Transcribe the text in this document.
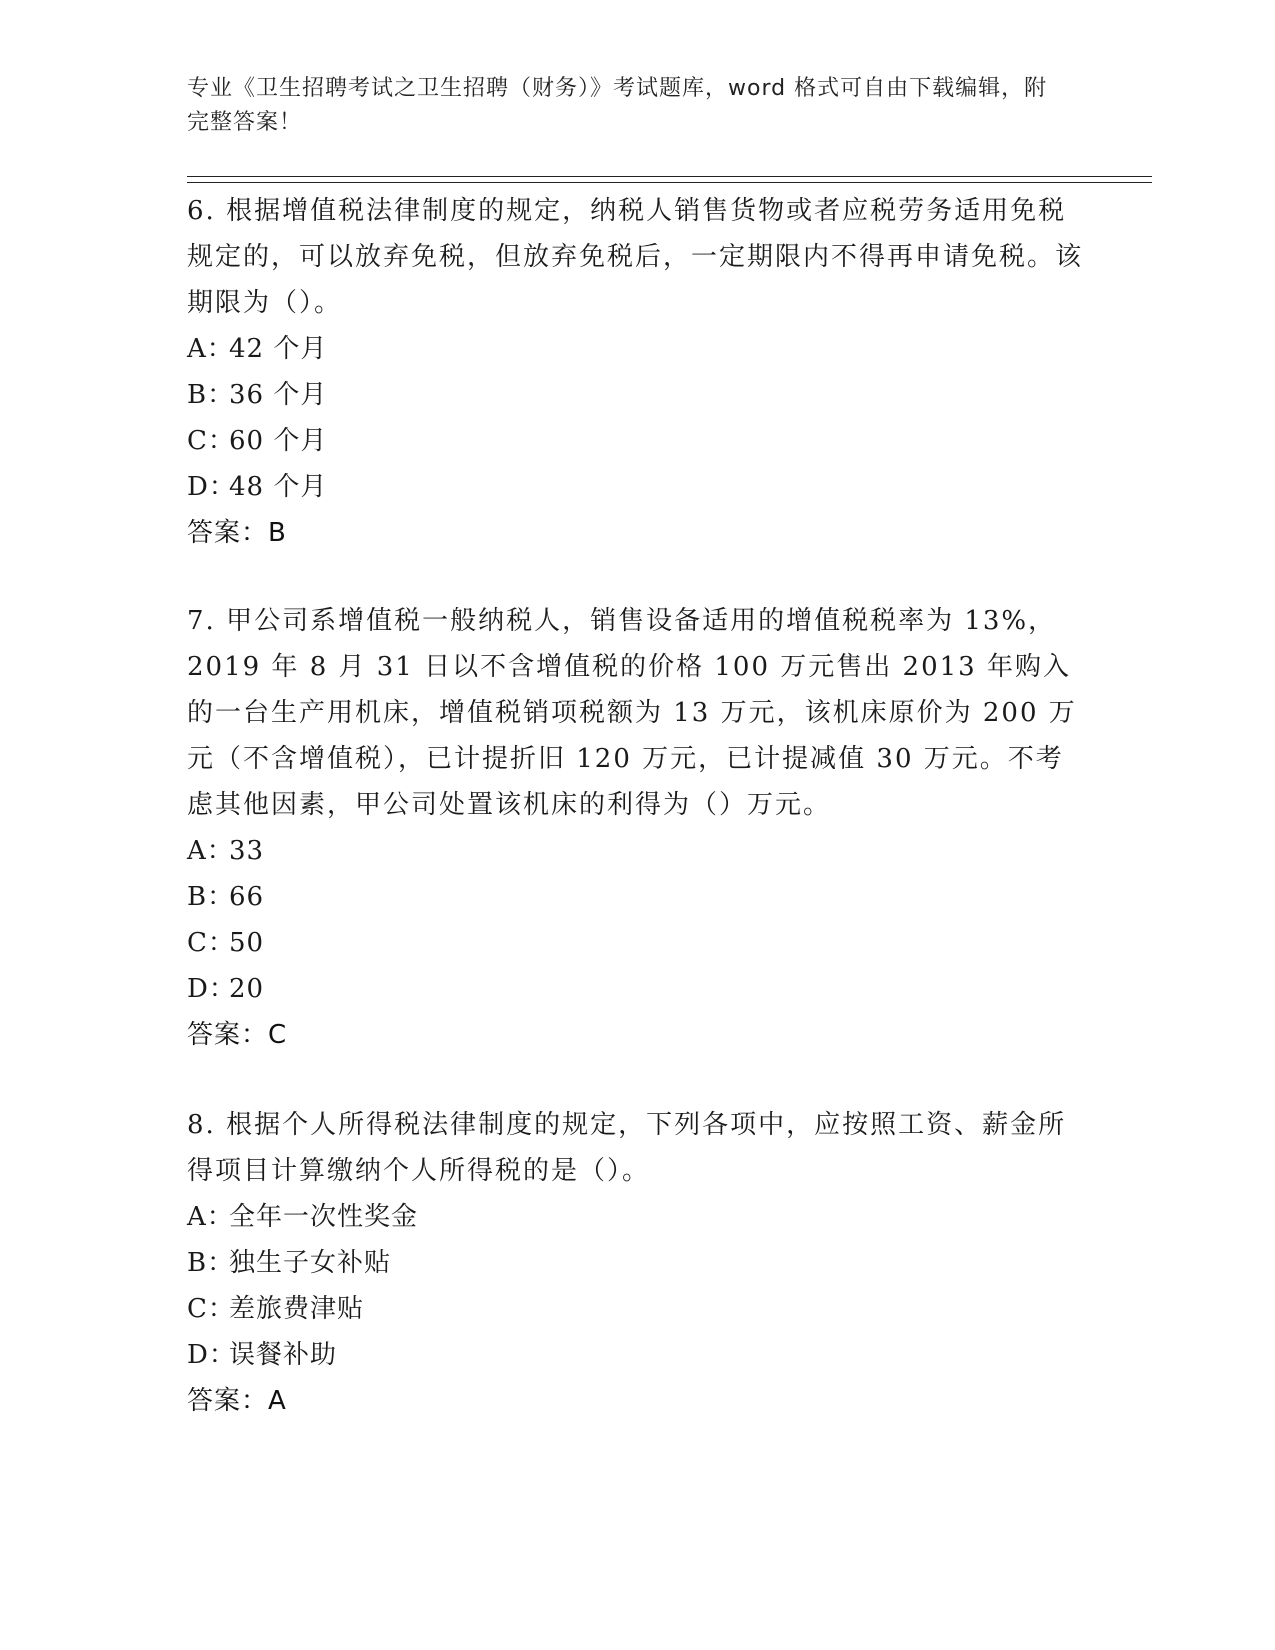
专业《卫生招聘考试之卫生招聘（财务）》考试题库，word 格式可自由下载编辑，附完整答案！
6. 根据增值税法律制度的规定，纳税人销售货物或者应税劳务适用免税规定的，可以放弃免税，但放弃免税后，一定期限内不得再申请免税。该期限为（）。
A：42 个月
B：36 个月
C：60 个月
D：48 个月
答案：B
7. 甲公司系增值税一般纳税人，销售设备适用的增值税税率为 13%，2019 年 8 月 31 日以不含增值税的价格 100 万元售出 2013 年购入的一台生产用机床，增值税销项税额为 13 万元，该机床原价为 200 万元（不含增值税），已计提折旧 120 万元，已计提减值 30 万元。不考虑其他因素，甲公司处置该机床的利得为（）万元。
A：33
B：66
C：50
D：20
答案：C
8. 根据个人所得税法律制度的规定，下列各项中，应按照工资、薪金所得项目计算缴纳个人所得税的是（）。
A：全年一次性奖金
B：独生子女补贴
C：差旅费津贴
D：误餐补助
答案：A
